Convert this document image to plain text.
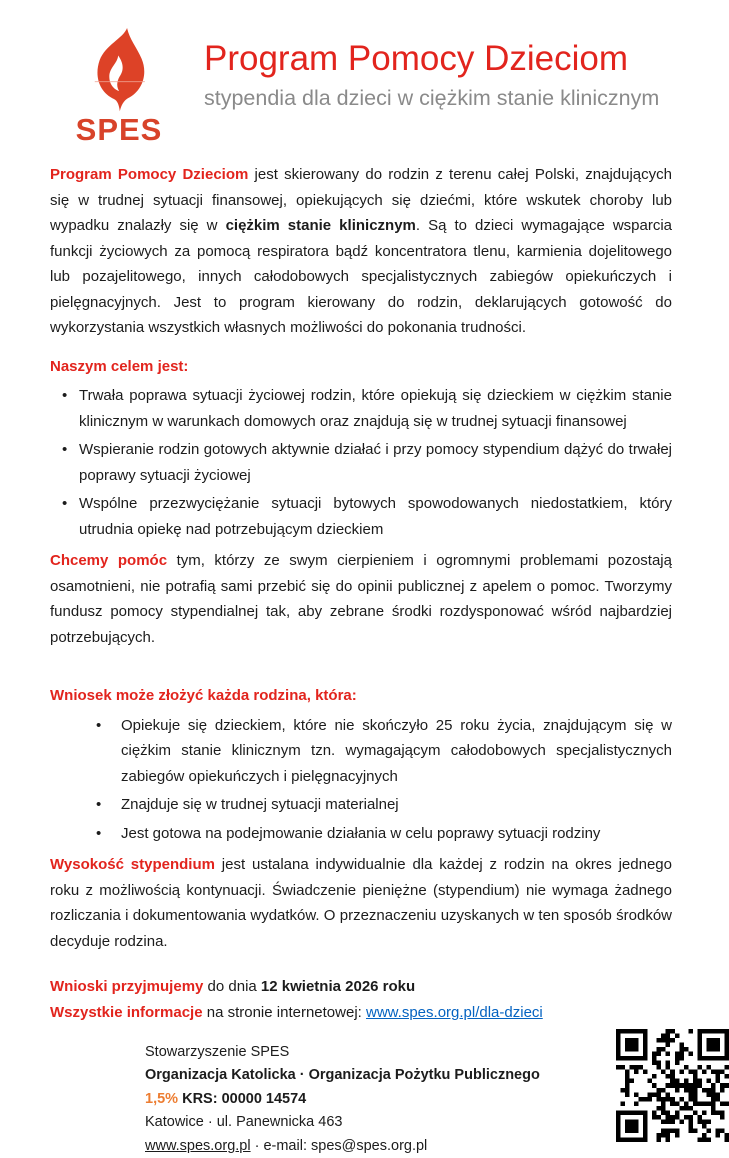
SPES
Program Pomocy Dzieciom
stypendia dla dzieci w ciężkim stanie klinicznym

Program Pomocy Dzieciom jest skierowany do rodzin z terenu całej Polski, znajdujących się w trudnej sytuacji finansowej, opiekujących się dziećmi, które wskutek choroby lub wypadku znalazły się w ciężkim stanie klinicznym. Są to dzieci wymagające wsparcia funkcji życiowych za pomocą respiratora bądź koncentratora tlenu, karmienia dojelitowego lub pozajelitowego, innych całodobowych specjalistycznych zabiegów opiekuńczych i pielęgnacyjnych. Jest to program kierowany do rodzin, deklarujących gotowość do wykorzystania wszystkich własnych możliwości do pokonania trudności.

Naszym celem jest:
• Trwała poprawa sytuacji życiowej rodzin, które opiekują się dzieckiem w ciężkim stanie klinicznym w warunkach domowych oraz znajdują się w trudnej sytuacji finansowej
• Wspieranie rodzin gotowych aktywnie działać i przy pomocy stypendium dążyć do trwałej poprawy sytuacji życiowej
• Wspólne przezwyciężanie sytuacji bytowych spowodowanych niedostatkiem, który utrudnia opiekę nad potrzebującym dzieckiem

Chcemy pomóc tym, którzy ze swym cierpieniem i ogromnymi problemami pozostają osamotnieni, nie potrafią sami przebić się do opinii publicznej z apelem o pomoc. Tworzymy fundusz pomocy stypendialnej tak, aby zebrane środki rozdysponować wśród najbardziej potrzebujących.

Wniosek może złożyć każda rodzina, która:
• Opiekuje się dzieckiem, które nie skończyło 25 roku życia, znajdującym się w ciężkim stanie klinicznym tzn. wymagającym całodobowych specjalistycznych zabiegów opiekuńczych i pielęgnacyjnych
• Znajduje się w trudnej sytuacji materialnej
• Jest gotowa na podejmowanie działania w celu poprawy sytuacji rodziny

Wysokość stypendium jest ustalana indywidualnie dla każdej z rodzin na okres jednego roku z możliwością kontynuacji. Świadczenie pieniężne (stypendium) nie wymaga żadnego rozliczania i dokumentowania wydatków. O przeznaczeniu uzyskanych w ten sposób środków decyduje rodzina.

Wnioski przyjmujemy do dnia 12 kwietnia 2026 roku

Wszystkie informacje na stronie internetowej: www.spes.org.pl/dla-dzieci

Stowarzyszenie SPES
Organizacja Katolicka · Organizacja Pożytku Publicznego
1,5% KRS: 00000 14574
Katowice · ul. Panewnicka 463
www.spes.org.pl · e-mail: spes@spes.org.pl
